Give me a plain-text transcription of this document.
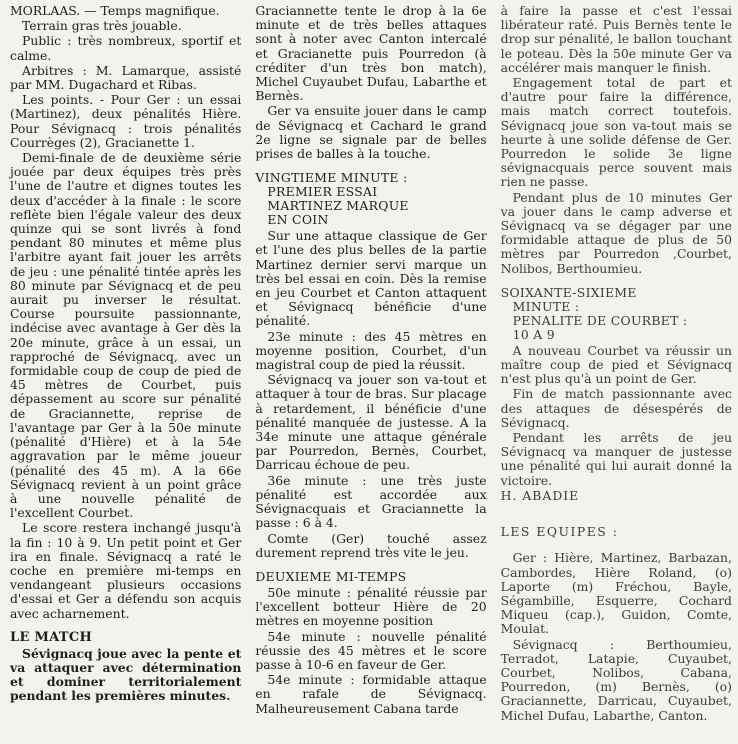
MORLAAS. — Temps magnifique.

Terrain gras très jouable.

Public : très nombreux, sportif et calme.

Arbitres : M. Lamarque, assisté par MM. Dugachard et Ribas.

Les points. - Pour Ger : un essai (Martinez), deux pénalités Hière. Pour Sévignacq : trois pénalités Courrèges (2), Gracianette 1.

Demi-finale de de deuxième série jouée par deux équipes très près l'une de l'autre et dignes toutes les deux d'accéder à la finale : le score reflète bien l'égale valeur des deux quinze qui se sont livrés à fond pendant 80 minutes et même plus l'arbitre ayant fait jouer les arrêts de jeu : une pénalité tintée après les 80 minute par Sévignacq et de peu aurait pu inverser le résultat. Course poursuite passionnante, indécise avec avantage à Ger dès la 20e minute, grâce à un essai, un rapproché de Sévignacq, avec un formidable coup de coup de pied de 45 mètres de Courbet, puis dépassement au score sur pénalité de Graciannette, reprise de l'avantage par Ger à la 50e minute (pénalité d'Hière) et à la 54e aggravation par le même joueur (pénalité des 45 m). A la 66e Sévignacq revient à un point grâce à une nouvelle pénalité de l'excellent Courbet.

Le score restera inchangé jusqu'à la fin : 10 à 9. Un petit point et Ger ira en finale. Sévignacq a raté le coche en première mi-temps en vendangeant plusieurs occasions d'essai et Ger a défendu son acquis avec acharnement.

LE MATCH

Sévignacq joue avec la pente et va attaquer avec détermination et dominer territorialement pendant les premières minutes.

Graciannette tente le drop à la 6e minute et de très belles attaques sont à noter avec Canton intercalé et Gracianette puis Pourredon (à créditer d'un très bon match), Michel Cuyaubet Dufau, Labarthe et Bernès.

Ger va ensuite jouer dans le camp de Sévignacq et Cachard le grand 2e ligne se signale par de belles prises de balles à la touche.

VINGTIEME MINUTE :
PREMIER ESSAI
MARTINEZ MARQUE
EN COIN

Sur une attaque classique de Ger et l'une des plus belles de la partie Martinez dernier servi marque un très bel essai en coin. Dès la remise en jeu Courbet et Canton attaquent et Sévignacq bénéficie d'une pénalité.

23e minute : des 45 mètres en moyenne position, Courbet, d'un magistral coup de pied la réussit.

Sévignacq va jouer son va-tout et attaquer à tour de bras. Sur placage à retardement, il bénéficie d'une pénalité manquée de justesse. A la 34e minute une attaque générale par Pourredon, Bernès, Courbet, Darricau échoue de peu.

36e minute : une très juste pénalité est accordée aux Sévignacquais et Graciannette la passe : 6 à 4.

Comte (Ger) touché assez durement reprend très vite le jeu.

DEUXIEME MI-TEMPS

50e minute : pénalité réussie par l'excellent botteur Hière de 20 mètres en moyenne position

54e minute : nouvelle pénalité réussie des 45 mètres et le score passe à 10-6 en faveur de Ger.

54e minute : formidable attaque en rafale de Sévignacq. Malheureusement Cabana tarde

à faire la passe et c'est l'essai libérateur raté. Puis Bernès tente le drop sur pénalité, le ballon touchant le poteau. Dès la 50e minute Ger va accélérer mais manquer le finish.

Engagement total de part et d'autre pour faire la différence, mais match correct toutefois. Sévignacq joue son va-tout mais se heurte à une solide défense de Ger. Pourredon le solide 3e ligne sévignacquais perce souvent mais rien ne passe.

Pendant plus de 10 minutes Ger va jouer dans le camp adverse et Sévignacq va se dégager par une formidable attaque de plus de 50 mètres par Pourredon ,Courbet, Nolibos, Berthoumieu.

SOIXANTE-SIXIEME
MINUTE :
PENALITE DE COURBET :
10 A 9

A nouveau Courbet va réussir un maître coup de pied et Sévignacq n'est plus qu'à un point de Ger.

Fin de match passionnante avec des attaques de désespérés de Sévignacq.

Pendant les arrêts de jeu Sévignacq va manquer de justesse une pénalité qui lui aurait donné la victoire.

H. ABADIE

LES EQUIPES :

Ger : Hière, Martinez, Barbazan, Cambordes, Hière Roland, (o) Laporte (m) Fréchou, Bayle, Ségambille, Esquerre, Cochard Miqueu (cap.), Guidon, Comte, Moulat.

Sévignacq : Berthoumieu, Terradot, Latapie, Cuyaubet, Courbet, Nolibos, Cabana, Pourredon, (m) Bernès, (o) Graciannette, Darricau, Cuyaubet, Michel Dufau, Labarthe, Canton.
